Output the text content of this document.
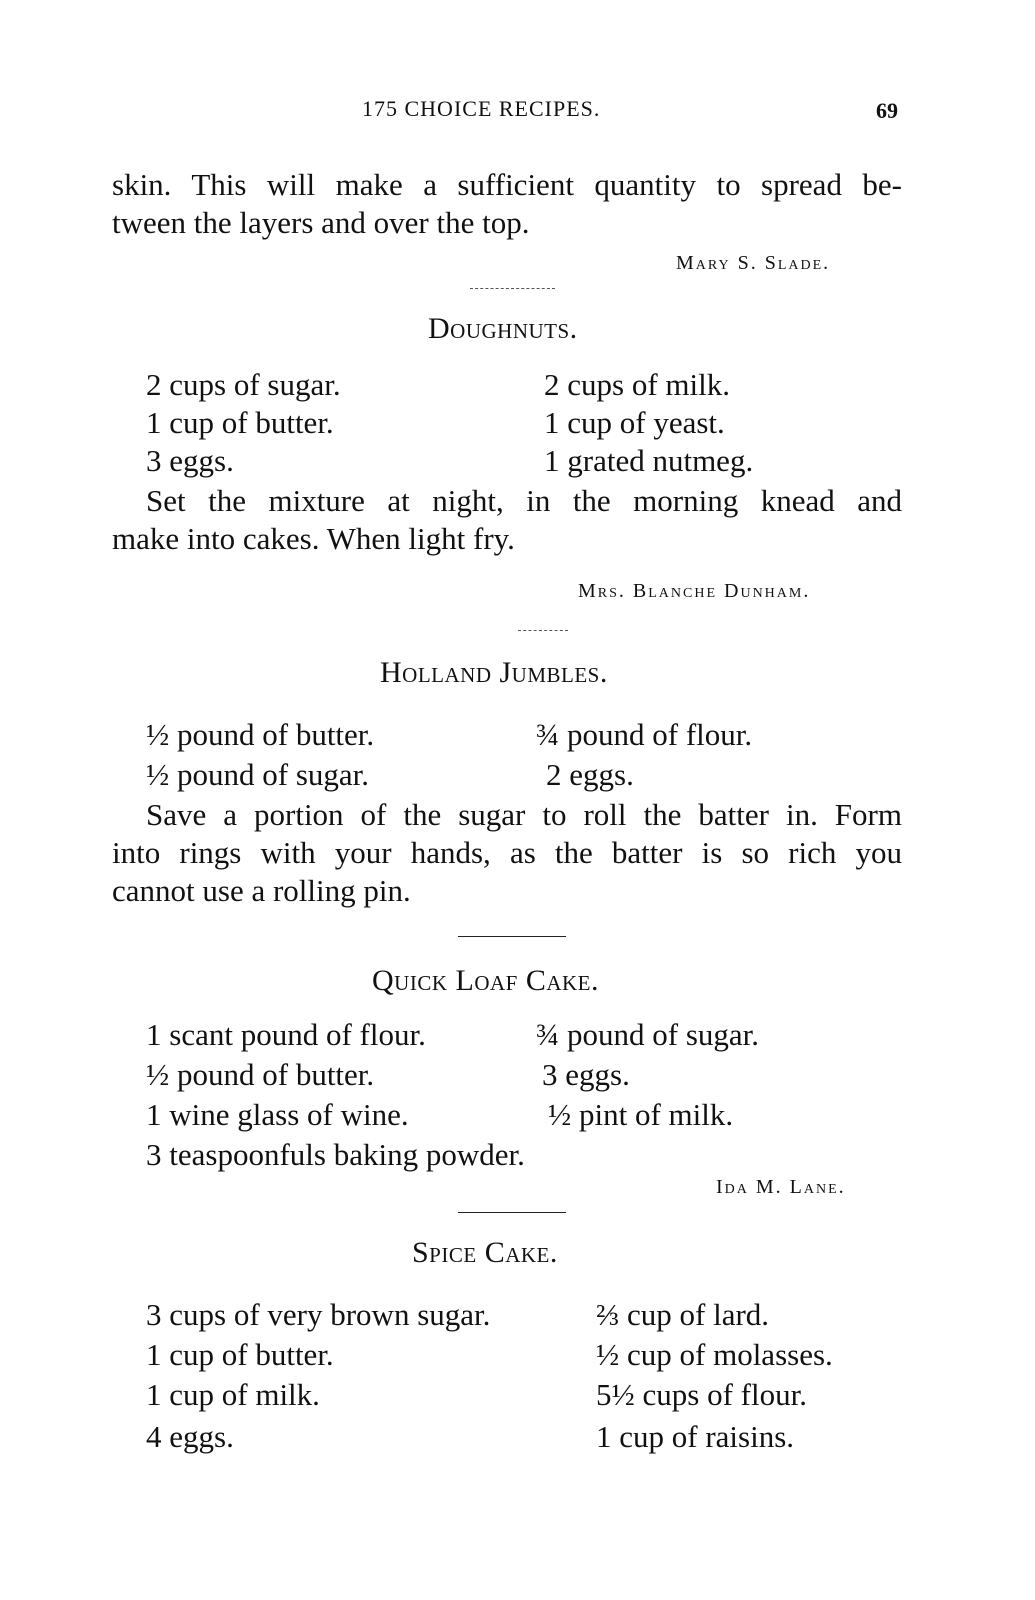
175 CHOICE RECIPES.	69
skin. This will make a sufficient quantity to spread be-
tween the layers and over the top.
Mary S. Slade.
Doughnuts.
2 cups of sugar.
1 cup of butter.
3 eggs.
2 cups of milk.
1 cup of yeast.
1 grated nutmeg.
Set the mixture at night, in the morning knead and
make into cakes. When light fry.
Mrs. Blanche Dunham.
Holland Jumbles.
½ pound of butter.
½ pound of sugar.
¾ pound of flour.
2 eggs.
Save a portion of the sugar to roll the batter in. Form
into rings with your hands, as the batter is so rich you
cannot use a rolling pin.
Quick Loaf Cake.
1 scant pound of flour.
½ pound of butter.
1 wine glass of wine.
3 teaspoonfuls baking powder.
¾ pound of sugar.
3 eggs.
½ pint of milk.
Ida M. Lane.
Spice Cake.
3 cups of very brown sugar.
1 cup of butter.
1 cup of milk.
4 eggs.
⅔ cup of lard.
½ cup of molasses.
5½ cups of flour.
1 cup of raisins.
